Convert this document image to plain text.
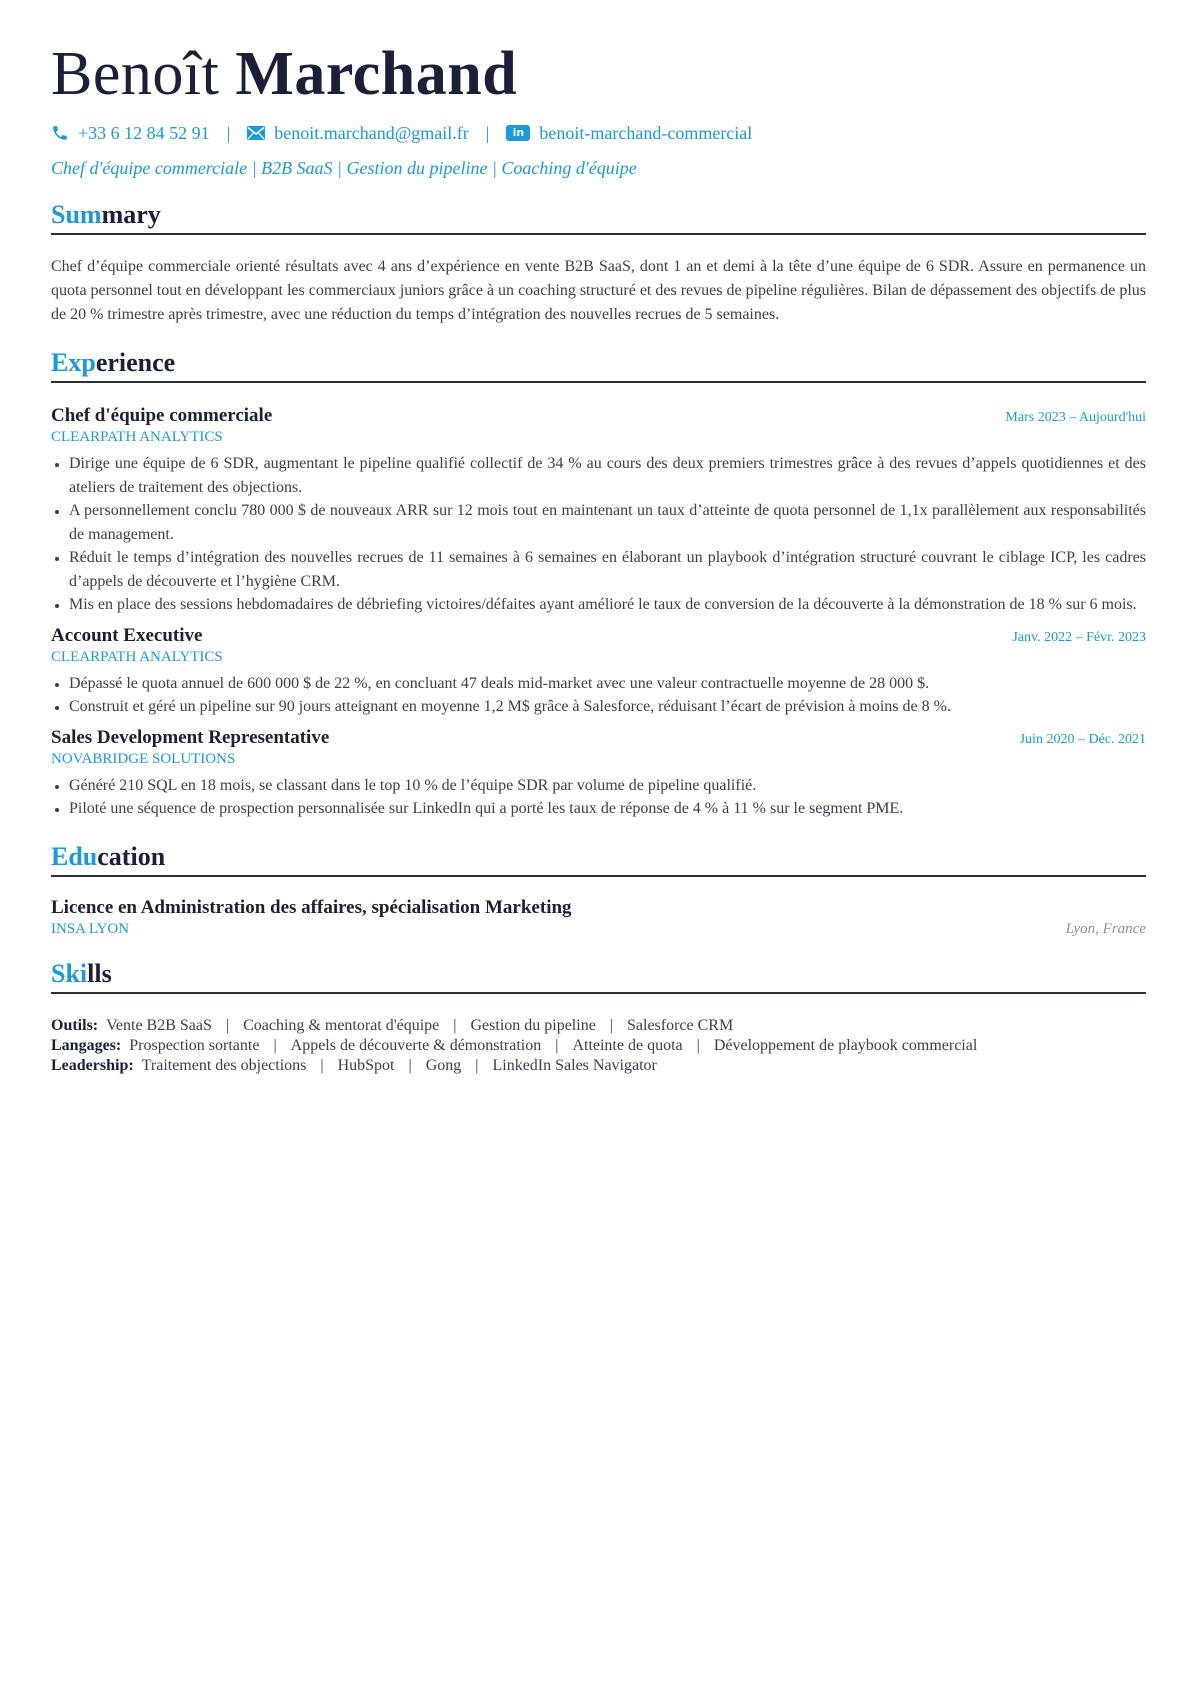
Benoît Marchand
+33 6 12 84 52 91 | benoit.marchand@gmail.fr |	in benoit-marchand-commercial
Chef d'équipe commerciale | B2B SaaS | Gestion du pipeline | Coaching d'équipe
Summary

Chef d’équipe commerciale orienté résultats avec 4 ans d’expérience en vente B2B SaaS, dont 1 an et demi à la tête d’une équipe de 6 SDR. Assure en permanence un quota personnel tout en développant les commerciaux juniors grâce à un coaching structuré et des revues de pipeline régulières. Bilan de dépassement des objectifs de plus de 20 % trimestre après trimestre, avec une réduction du temps d’intégration des nouvelles recrues de 5 semaines.

Experience
Chef d'équipe commerciale	Mars 2023 – Aujourd'hui
CLEARPATH ANALYTICS
• Dirige une équipe de 6 SDR, augmentant le pipeline qualifié collectif de 34 % au cours des deux premiers trimestres grâce à des revues d’appels quotidiennes et des ateliers de traitement des objections.
• A personnellement conclu 780 000 $ de nouveaux ARR sur 12 mois tout en maintenant un taux d’atteinte de quota personnel de 1,1x parallèlement aux responsabilités de management.
• Réduit le temps d’intégration des nouvelles recrues de 11 semaines à 6 semaines en élaborant un playbook d’intégration structuré couvrant le ciblage ICP, les cadres d’appels de découverte et l’hygiène CRM.
• Mis en place des sessions hebdomadaires de débriefing victoires/défaites ayant amélioré le taux de conversion de la découverte à la démonstration de 18 % sur 6 mois.
Account Executive	Janv. 2022 – Févr. 2023
CLEARPATH ANALYTICS
• Dépassé le quota annuel de 600 000 $ de 22 %, en concluant 47 deals mid-market avec une valeur contractuelle moyenne de 28 000 $.
• Construit et géré un pipeline sur 90 jours atteignant en moyenne 1,2 M$ grâce à Salesforce, réduisant l’écart de prévision à moins de 8 %.
Sales Development Representative	Juin 2020 – Déc. 2021
NOVABRIDGE SOLUTIONS
• Généré 210 SQL en 18 mois, se classant dans le top 10 % de l’équipe SDR par volume de pipeline qualifié.
• Piloté une séquence de prospection personnalisée sur LinkedIn qui a porté les taux de réponse de 4 % à 11 % sur le segment PME.
Education
Licence en Administration des affaires, spécialisation Marketing
INSA LYON	Lyon, France
Skills
Outils: Vente B2B SaaS | Coaching & mentorat d'équipe | Gestion du pipeline | Salesforce CRM
Langages: Prospection sortante | Appels de découverte & démonstration | Atteinte de quota | Développement de playbook commercial
Leadership: Traitement des objections | HubSpot | Gong | LinkedIn Sales Navigator
